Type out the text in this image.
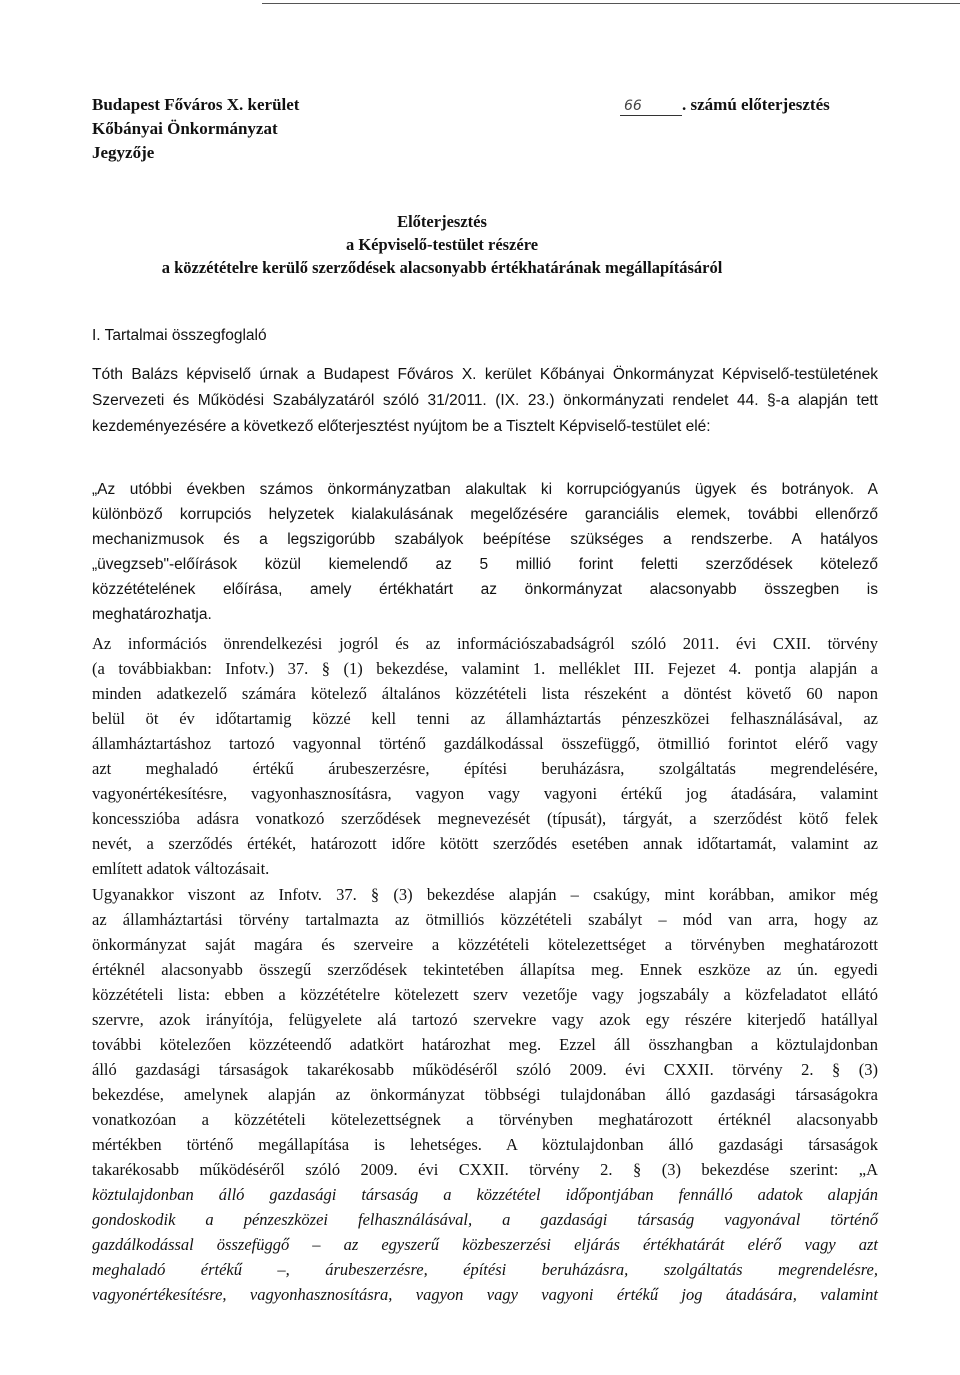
Budapest Főváros X. kerület
Kőbányai Önkormányzat
Jegyzője
66 . számú előterjesztés
Előterjesztés
a Képviselő-testület részére
a közzétételre kerülő szerződések alacsonyabb értékhatárának megállapításáról
I. Tartalmai összegfoglaló
Tóth Balázs képviselő úrnak a Budapest Főváros X. kerület Kőbányai Önkormányzat Képviselő-testületének Szervezeti és Működési Szabályzatáról szóló 31/2011. (IX. 23.) önkormányzati rendelet 44. §-a alapján tett kezdeményezésére a következő előterjesztést nyújtom be a Tisztelt Képviselő-testület elé:
„Az utóbbi években számos önkormányzatban alakultak ki korrupciógyanús ügyek és botrányok. A
különböző korrupciós helyzetek kialakulásának megelőzésére garanciális elemek, további ellenőrző
mechanizmusok és a legszigorúbb szabályok beépítése szükséges a rendszerbe. A hatályos
„üvegzseb"-előírások közül kiemelendő az 5 millió forint feletti szerződések kötelező
közzétételének előírása, amely értékhatárt az önkormányzat alacsonyabb összegben is
meghatározhatja.
Az információs önrendelkezési jogról és az információszabadságról szóló 2011. évi CXII. törvény
(a továbbiakban: Infotv.) 37. § (1) bekezdése, valamint 1. melléklet III. Fejezet 4. pontja alapján a
minden adatkezelő számára kötelező általános közzétételi lista részeként a döntést követő 60 napon
belül öt év időtartamig közzé kell tenni az államháztartás pénzeszközei felhasználásával, az
államháztartáshoz tartozó vagyonnal történő gazdálkodással összefüggő, ötmillió forintot elérő vagy
azt meghaladó értékű árubeszerzésre, építési beruházásra, szolgáltatás megrendelésére,
vagyonértékesítésre, vagyonhasznosításra, vagyon vagy vagyoni értékű jog átadására, valamint
koncesszióba adásra vonatkozó szerződések megnevezését (típusát), tárgyát, a szerződést kötő felek
nevét, a szerződés értékét, határozott időre kötött szerződés esetében annak időtartamát, valamint az
említett adatok változásait.
Ugyanakkor viszont az Infotv. 37. § (3) bekezdése alapján – csakúgy, mint korábban, amikor még
az államháztartási törvény tartalmazta az ötmilliós közzétételi szabályt – mód van arra, hogy az
önkormányzat saját magára és szerveire a közzétételi kötelezettséget a törvényben meghatározott
értéknél alacsonyabb összegű szerződések tekintetében állapítsa meg. Ennek eszköze az ún. egyedi
közzétételi lista: ebben a közzétételre kötelezett szerv vezetője vagy jogszabály a közfeladatot ellátó
szervre, azok irányítója, felügyelete alá tartozó szervekre vagy azok egy részére kiterjedő hatállyal
további kötelezően közzéteendő adatkört határozhat meg. Ezzel áll összhangban a köztulajdonban
álló gazdasági társaságok takarékosabb működéséről szóló 2009. évi CXXII. törvény 2. § (3)
bekezdése, amelynek alapján az önkormányzat többségi tulajdonában álló gazdasági társaságokra
vonatkozóan a közzétételi kötelezettségnek a törvényben meghatározott értéknél alacsonyabb
mértékben történő megállapítása is lehetséges. A köztulajdonban álló gazdasági társaságok
takarékosabb működéséről szóló 2009. évi CXXII. törvény 2. § (3) bekezdése szerint: „A
köztulajdonban álló gazdasági társaság a közzététel időpontjában fennálló adatok alapján
gondoskodik a pénzeszközei felhasználásával, a gazdasági társaság vagyonával történő
gazdálkodással összefüggő – az egyszerű közbeszerzési eljárás értékhatárát elérő vagy azt
meghaladó értékű –, árubeszerzésre, építési beruházásra, szolgáltatás megrendelésre,
vagyonértékesítésre, vagyonhasznosításra, vagyon vagy vagyoni értékű jog átadására, valamint
